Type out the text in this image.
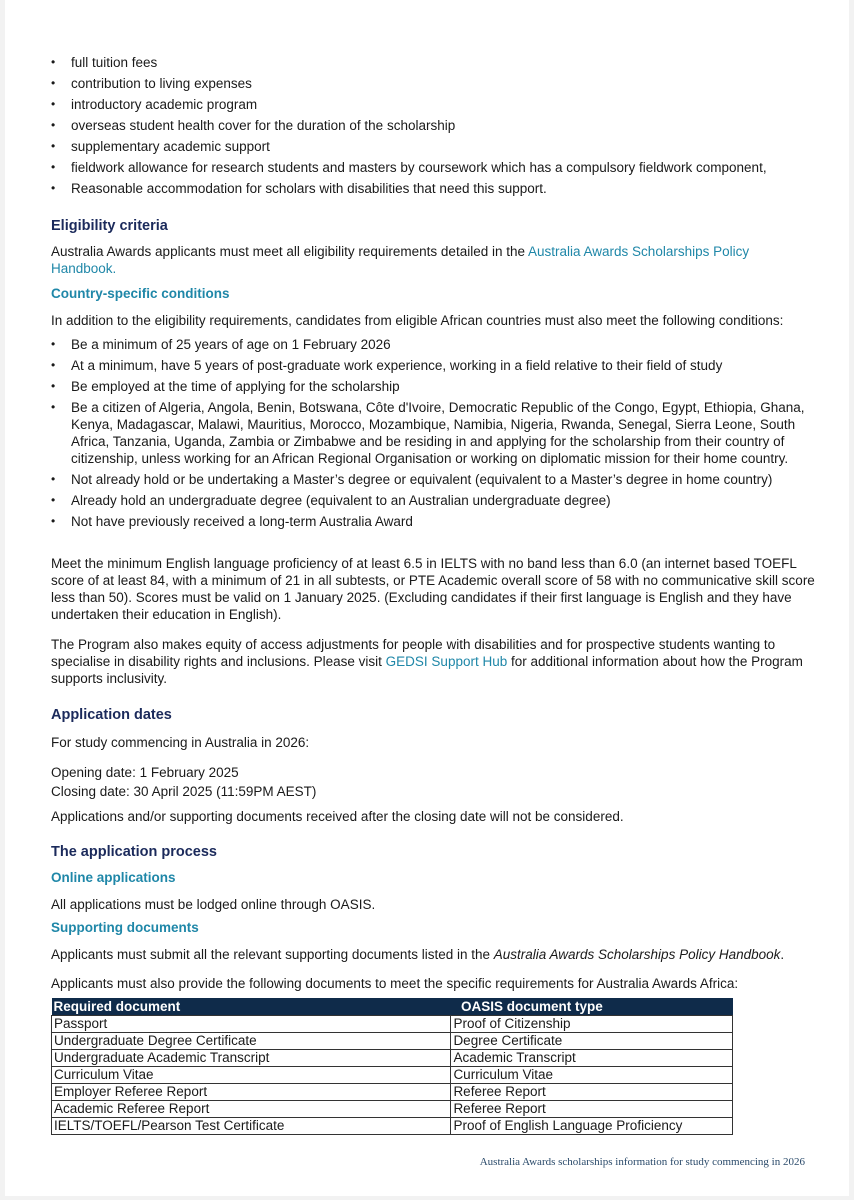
• full tuition fees
• contribution to living expenses
• introductory academic program
• overseas student health cover for the duration of the scholarship
• supplementary academic support
• fieldwork allowance for research students and masters by coursework which has a compulsory fieldwork component,
• Reasonable accommodation for scholars with disabilities that need this support.
Eligibility criteria

Australia Awards applicants must meet all eligibility requirements detailed in the Australia Awards Scholarships Policy Handbook.

Country-specific conditions

In addition to the eligibility requirements, candidates from eligible African countries must also meet the following conditions:

• Be a minimum of 25 years of age on 1 February 2026
• At a minimum, have 5 years of post-graduate work experience, working in a field relative to their field of study
• Be employed at the time of applying for the scholarship
• Be a citizen of Algeria, Angola, Benin, Botswana, Côte d'Ivoire, Democratic Republic of the Congo, Egypt, Ethiopia, Ghana, Kenya, Madagascar, Malawi, Mauritius, Morocco, Mozambique, Namibia, Nigeria, Rwanda, Senegal, Sierra Leone, South Africa, Tanzania, Uganda, Zambia or Zimbabwe and be residing in and applying for the scholarship from their country of citizenship, unless working for an African Regional Organisation or working on diplomatic mission for their home country.
• Not already hold or be undertaking a Master’s degree or equivalent (equivalent to a Master’s degree in home country)
• Already hold an undergraduate degree (equivalent to an Australian undergraduate degree)
• Not have previously received a long-term Australia Award

Meet the minimum English language proficiency of at least 6.5 in IELTS with no band less than 6.0 (an internet based TOEFL score of at least 84, with a minimum of 21 in all subtests, or PTE Academic overall score of 58 with no communicative skill score less than 50). Scores must be valid on 1 January 2025. (Excluding candidates if their first language is English and they have undertaken their education in English).

The Program also makes equity of access adjustments for people with disabilities and for prospective students wanting to specialise in disability rights and inclusions. Please visit GEDSI Support Hub for additional information about how the Program supports inclusivity.

Application dates

For study commencing in Australia in 2026:

Opening date: 1 February 2025

Closing date: 30 April 2025 (11:59PM AEST)

Applications and/or supporting documents received after the closing date will not be considered.

The application process
Online applications

All applications must be lodged online through OASIS.

Supporting documents

Applicants must submit all the relevant supporting documents listed in the Australia Awards Scholarships Policy Handbook.

Applicants must also provide the following documents to meet the specific requirements for Australia Awards Africa:

Required document	OASIS document type
Passport	Proof of Citizenship
Undergraduate Degree Certificate	Degree Certificate
Undergraduate Academic Transcript	Academic Transcript
Curriculum Vitae	Curriculum Vitae
Employer Referee Report	Referee Report
Academic Referee Report	Referee Report
IELTS/TOEFL/Pearson Test Certificate	Proof of English Language Proficiency
Australia Awards scholarships information for study commencing in 2026
